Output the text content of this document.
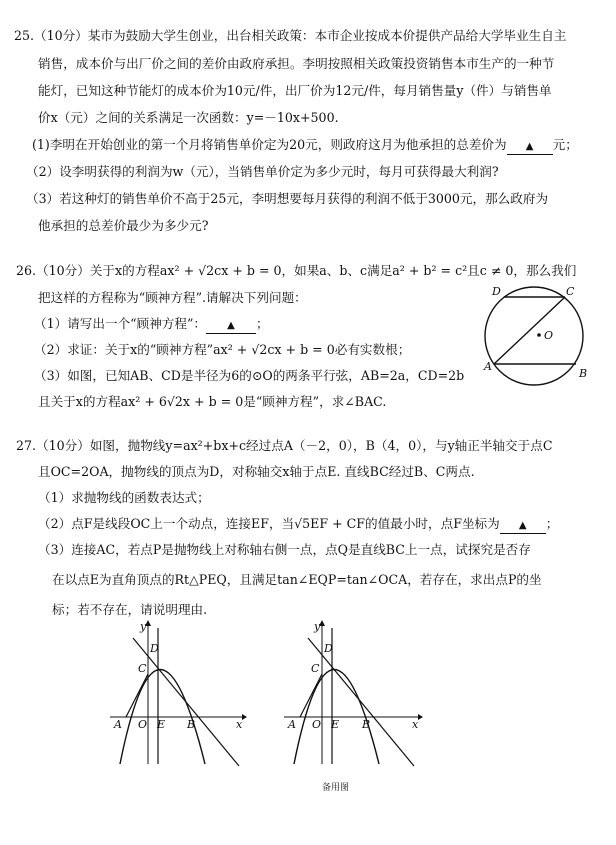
25.（10分）某市为鼓励大学生创业，出台相关政策：本市企业按成本价提供产品给大学毕业生自主
销售，成本价与出厂价之间的差价由政府承担。李明按照相关政策投资销售本市生产的一种节
能灯，已知这种节能灯的成本价为10元/件，出厂价为12元/件，每月销售量y（件）与销售单
价x（元）之间的关系满足一次函数：y=－10x+500.
(1)李明在开始创业的第一个月将销售单价定为20元，则政府这月为他承担的总差价为 ▲ 元；
（2）设李明获得的利润为w（元），当销售单价定为多少元时，每月可获得最大利润?
（3）若这种灯的销售单价不高于25元，李明想要每月获得的利润不低于3000元，那么政府为
他承担的总差价最少为多少元?
26.（10分）关于x的方程ax² + √2cx + b = 0，如果a、b、c满足a² + b² = c²且c ≠ 0，那么我们
把这样的方程称为“顾神方程”.请解决下列问题：
（1）请写出一个“顾神方程”： ▲ ；
（2）求证：关于x的“顾神方程”ax² + √2cx + b = 0必有实数根；
（3）如图，已知AB、CD是半径为6的⊙O的两条平行弦，AB=2a，CD=2b
且关于x的方程ax² + 6√2x + b = 0是“顾神方程”，求∠BAC.
D	C
O
A
B
27.（10分）如图，抛物线y=ax²+bx+c经过点A（－2，0），B（4，0），与y轴正半轴交于点C
且OC=2OA，抛物线的顶点为D，对称轴交x轴于点E. 直线BC经过B、C两点.
（1）求抛物线的函数表达式；
（2）点F是线段OC上一个动点，连接EF，当√5EF + CF的值最小时，点F坐标为 ▲ ；
（3）连接AC，若点P是抛物线上对称轴右侧一点，点Q是直线BC上一点，试探究是否存
在以点E为直角顶点的Rt△PEQ，且满足tan∠EQP=tan∠OCA，若存在，求出点P的坐
标；若不存在，请说明理由.
y
D
C
A O E B	x
y
D
C
A O E B	x
备用图
